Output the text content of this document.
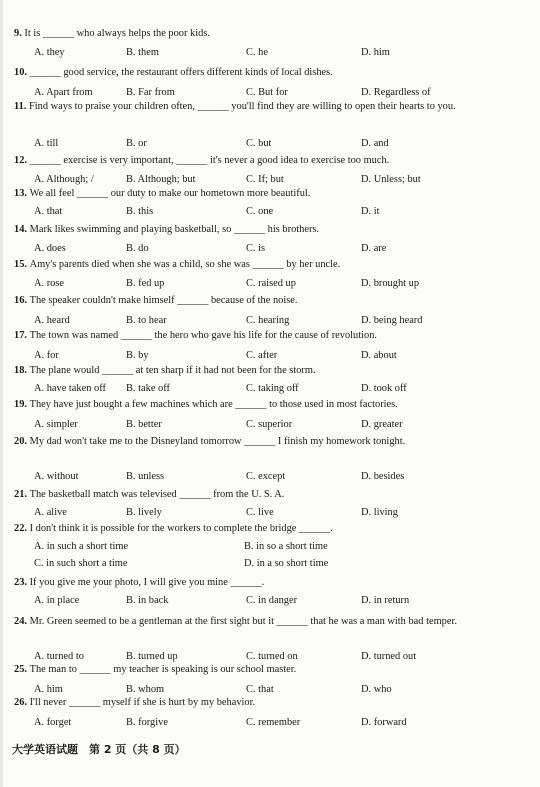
9. It is ______ who always helps the poor kids.
A. they	B. them	C. he	D. him
10. ______ good service, the restaurant offers different kinds of local dishes.
A. Apart from	B. Far from	C. But for	D. Regardless of
11. Find ways to praise your children often, ______ you'll find they are willing to open their hearts to you.
A. till	B. or	C. but	D. and
12. ______ exercise is very important, ______ it's never a good idea to exercise too much.
A. Although; /	B. Although; but	C. If; but	D. Unless; but
13. We all feel ______ our duty to make our hometown more beautiful.
A. that	B. this	C. one	D. it
14. Mark likes swimming and playing basketball, so ______ his brothers.
A. does	B. do	C. is	D. are
15. Amy's parents died when she was a child, so she was ______ by her uncle.
A. rose	B. fed up	C. raised up	D. brought up
16. The speaker couldn't make himself ______ because of the noise.
A. heard	B. to hear	C. hearing	D. being heard
17. The town was named ______ the hero who gave his life for the cause of revolution.
A. for	B. by	C. after	D. about
18. The plane would ______ at ten sharp if it had not been for the storm.
A. have taken off B. take off	C. taking off	D. took off
19. They have just bought a few machines which are ______ to those used in most factories.
A. simpler	B. better	C. superior	D. greater
20. My dad won't take me to the Disneyland tomorrow ______ I finish my homework tonight.
A. without	B. unless	C. except	D. besides
21. The basketball match was televised ______ from the U. S. A.
A. alive	B. lively	C. live	D. living
22. I don't think it is possible for the workers to complete the bridge ______.
A. in such a short time	B. in so a short time
C. in such short a time	D. in a so short time
23. If you give me your photo, I will give you mine ______.
A. in place	B. in back	C. in danger	D. in return
24. Mr. Green seemed to be a gentleman at the first sight but it ______ that he was a man with bad temper.
A. turned to	B. turned up	C. turned on	D. turned out
25. The man to ______ my teacher is speaking is our school master.
A. him	B. whom	C. that	D. who
26. I'll never ______ myself if she is hurt by my behavior.
A. forget	B. forgive	C. remember	D. forward
大学英语试题　第 2 页（共 8 页）
